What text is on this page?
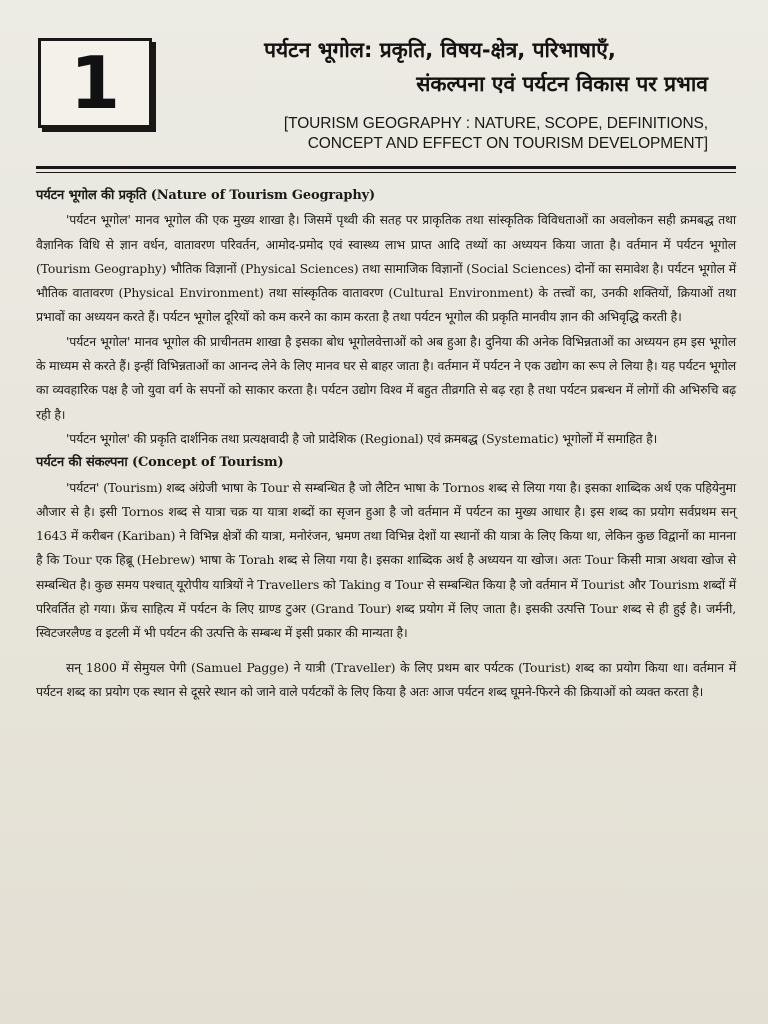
1	पर्यटन भूगोल: प्रकृति, विषय-क्षेत्र, परिभाषाएँ,
संकल्पना एवं पर्यटन विकास पर प्रभाव
[TOURISM GEOGRAPHY : NATURE, SCOPE, DEFINITIONS,
CONCEPT AND EFFECT ON TOURISM DEVELOPMENT]
पर्यटन भूगोल की प्रकृति (Nature of Tourism Geography)

'पर्यटन भूगोल' मानव भूगोल की एक मुख्य शाखा है। जिसमें पृथ्वी की सतह पर प्राकृतिक तथा सांस्कृतिक विविधताओं का अवलोकन सही क्रमबद्ध तथा वैज्ञानिक विधि से ज्ञान वर्धन, वातावरण परिवर्तन, आमोद-प्रमोद एवं स्वास्थ्य लाभ प्राप्त आदि तथ्यों का अध्ययन किया जाता है। वर्तमान में पर्यटन भूगोल (Tourism Geography) भौतिक विज्ञानों (Physical Sciences) तथा सामाजिक विज्ञानों (Social Sciences) दोनों का समावेश है। पर्यटन भूगोल में भौतिक वातावरण (Physical Environment) तथा सांस्कृतिक वातावरण (Cultural Environment) के तत्त्वों का, उनकी शक्तियों, क्रियाओं तथा प्रभावों का अध्ययन करते हैं। पर्यटन भूगोल दूरियों को कम करने का काम करता है तथा पर्यटन भूगोल की प्रकृति मानवीय ज्ञान की अभिवृद्धि करती है।

'पर्यटन भूगोल' मानव भूगोल की प्राचीनतम शाखा है इसका बोध भूगोलवेत्ताओं को अब हुआ है। दुनिया की अनेक विभिन्नताओं का अध्ययन हम इस भूगोल के माध्यम से करते हैं। इन्हीं विभिन्नताओं का आनन्द लेने के लिए मानव घर से बाहर जाता है। वर्तमान में पर्यटन ने एक उद्योग का रूप ले लिया है। यह पर्यटन भूगोल का व्यवहारिक पक्ष है जो युवा वर्ग के सपनों को साकार करता है। पर्यटन उद्योग विश्व में बहुत तीव्रगति से बढ़ रहा है तथा पर्यटन प्रबन्धन में लोगों की अभिरुचि बढ़ रही है।

'पर्यटन भूगोल' की प्रकृति दार्शनिक तथा प्रत्यक्षवादी है जो प्रादेशिक (Regional) एवं क्रमबद्ध (Systematic) भूगोलों में समाहित है।

पर्यटन की संकल्पना (Concept of Tourism)

'पर्यटन' (Tourism) शब्द अंग्रेजी भाषा के Tour से सम्बन्धित है जो लैटिन भाषा के Tornos शब्द से लिया गया है। इसका शाब्दिक अर्थ एक पहियेनुमा औजार से है। इसी Tornos शब्द से यात्रा चक्र या यात्रा शब्दों का सृजन हुआ है जो वर्तमान में पर्यटन का मुख्य आधार है। इस शब्द का प्रयोग सर्वप्रथम सन् 1643 में करीबन (Kariban) ने विभिन्न क्षेत्रों की यात्रा, मनोरंजन, भ्रमण तथा विभिन्न देशों या स्थानों की यात्रा के लिए किया था, लेकिन कुछ विद्वानों का मानना है कि Tour एक हिब्रू (Hebrew) भाषा के Torah शब्द से लिया गया है। इसका शाब्दिक अर्थ है अध्ययन या खोज। अतः Tour किसी मात्रा अथवा खोज से सम्बन्धित है। कुछ समय पश्चात् यूरोपीय यात्रियों ने Travellers को Taking व Tour से सम्बन्धित किया है जो वर्तमान में Tourist और Tourism शब्दों में परिवर्तित हो गया। फ्रेंच साहित्य में पर्यटन के लिए ग्राण्ड टुअर (Grand Tour) शब्द प्रयोग में लिए जाता है। इसकी उत्पत्ति Tour शब्द से ही हुई है। जर्मनी, स्विटजरलैण्ड व इटली में भी पर्यटन की उत्पत्ति के सम्बन्ध में इसी प्रकार की मान्यता है।

सन् 1800 में सेमुयल पेगी (Samuel Pagge) ने यात्री (Traveller) के लिए प्रथम बार पर्यटक (Tourist) शब्द का प्रयोग किया था। वर्तमान में पर्यटन शब्द का प्रयोग एक स्थान से दूसरे स्थान को जाने वाले पर्यटकों के लिए किया है अतः आज पर्यटन शब्द घूमने-फिरने की क्रियाओं को व्यक्त करता है।
